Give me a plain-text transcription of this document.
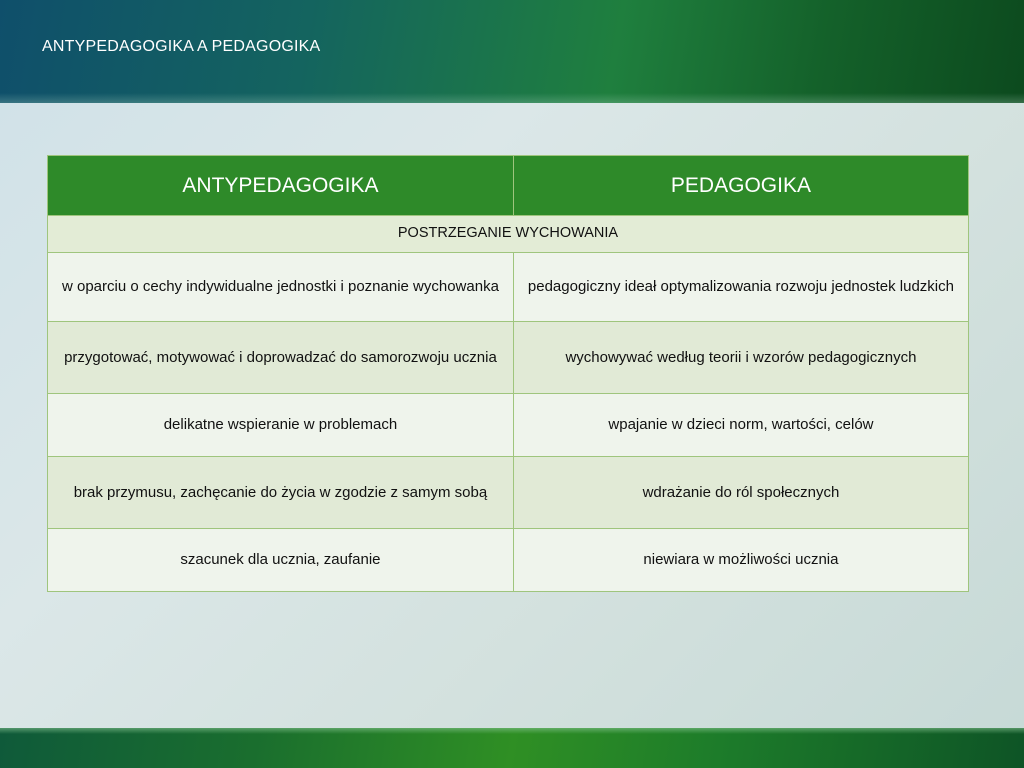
ANTYPEDAGOGIKA A PEDAGOGIKA
ANTYPEDAGOGIKA	PEDAGOGIKA
POSTRZEGANIE WYCHOWANIA	
w oparciu o cechy indywidualne jednostki i poznanie wychowanka	pedagogiczny ideał optymalizowania rozwoju jednostek ludzkich
przygotować, motywować i doprowadzać do samorozwoju ucznia	wychowywać według teorii i wzorów pedagogicznych
delikatne wspieranie w problemach	wpajanie w dzieci norm, wartości, celów
brak przymusu, zachęcanie do życia w zgodzie z samym sobą	wdrażanie do ról społecznych
szacunek dla ucznia, zaufanie	niewiara w możliwości ucznia
